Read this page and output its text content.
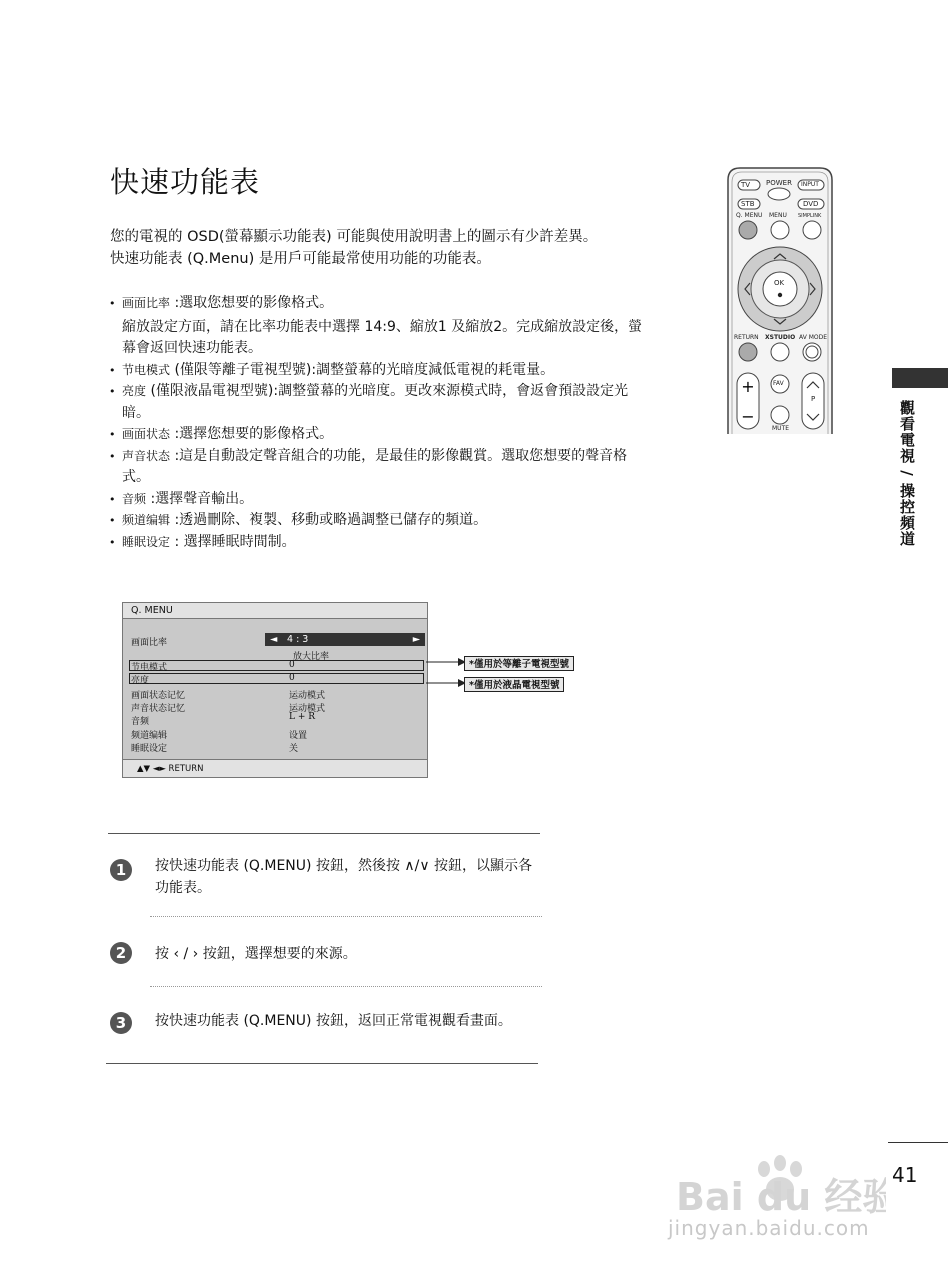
快速功能表
您的電視的 OSD(螢幕顯示功能表) 可能與使用說明書上的圖示有少許差異。
快速功能表 (Q.Menu) 是用戶可能最常使用功能的功能表。
• 画面比率 :選取您想要的影像格式。
縮放設定方面，請在比率功能表中選擇 14:9、縮放1 及縮放2。完成縮放設定後，螢幕會返回快速功能表。
• 节电模式 (僅限等離子電視型號):調整螢幕的光暗度減低電視的耗電量。
• 亮度 (僅限液晶電視型號):調整螢幕的光暗度。更改來源模式時，會返會預設設定光暗。
• 画面状态 :選擇您想要的影像格式。
• 声音状态 :這是自動設定聲音組合的功能，是最佳的影像觀賞。選取您想要的聲音格式。
• 音频 :選擇聲音輸出。
• 频道编辑 :透過刪除、複製、移動或略過調整已儲存的頻道。
• 睡眠设定 : 選擇睡眠時間制。
Q. MENU
画面比率	◄ 4 : 3	►
放大比率
节电模式	0
亮度	0
画面状态记忆	运动模式
声音状态记忆	运动模式
音频	L + R
频道编辑	设置
睡眠设定	关
▲▼ ◄► RETURN
*僅用於等離子電視型號
*僅用於液晶電視型號
1	按快速功能表 (Q.MENU) 按鈕，然後按 ∧/∨ 按鈕，以顯示各功能表。
2	按 ‹ / › 按鈕，選擇想要的來源。
3	按快速功能表 (Q.MENU) 按鈕，返回正常電視觀看畫面。
+
−
TV POWER INPUT
STB	DVD
Q. MENU MENU SIMPLINK
OK
RETURN XSTUDIO AV MODE
FAV
P
MUTE	觀看電視 / 操控頻道
41
Bai du 经验
jingyan.baidu.com
